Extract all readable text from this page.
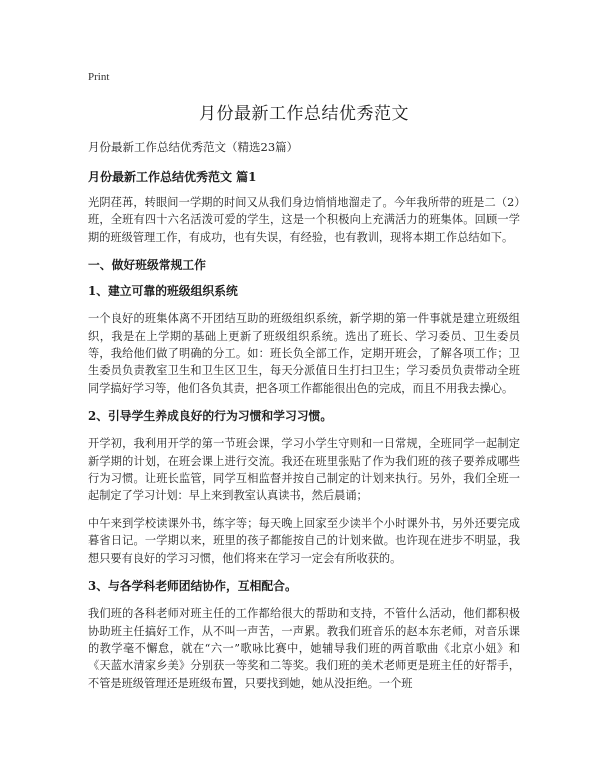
Print
月份最新工作总结优秀范文

月份最新工作总结优秀范文（精选23篇）

月份最新工作总结优秀范文 篇1

光阴荏苒，转眼间一学期的时间又从我们身边悄悄地溜走了。今年我所带的班是二（2）班，全班有四十六名活泼可爱的学生，这是一个积极向上充满活力的班集体。回顾一学期的班级管理工作，有成功，也有失误，有经验，也有教训，现将本期工作总结如下。

一、做好班级常规工作
1、建立可靠的班级组织系统

一个良好的班集体离不开团结互助的班级组织系统，新学期的第一件事就是建立班级组织，我是在上学期的基础上更新了班级组织系统。选出了班长、学习委员、卫生委员等，我给他们做了明确的分工。如：班长负全部工作，定期开班会，了解各项工作；卫生委员负责教室卫生和卫生区卫生，每天分派值日生打扫卫生；学习委员负责带动全班同学搞好学习等，他们各负其责，把各项工作都能很出色的完成，而且不用我去操心。

2、引导学生养成良好的行为习惯和学习习惯。

开学初，我利用开学的第一节班会课，学习小学生守则和一日常规，全班同学一起制定新学期的计划，在班会课上进行交流。我还在班里张贴了作为我们班的孩子要养成哪些行为习惯。让班长监管，同学互相监督并按自己制定的计划来执行。另外，我们全班一起制定了学习计划：早上来到教室认真读书，然后晨诵；

中午来到学校读课外书，练字等；每天晚上回家至少读半个小时课外书，另外还要完成暮省日记。一学期以来，班里的孩子都能按自己的计划来做。也许现在进步不明显，我想只要有良好的学习习惯，他们将来在学习一定会有所收获的。

3、与各学科老师团结协作，互相配合。

我们班的各科老师对班主任的工作都给很大的帮助和支持，不管什么活动，他们都积极协助班主任搞好工作，从不叫一声苦，一声累。教我们班音乐的赵本东老师，对音乐课的教学毫不懈怠，就在“六一”歌咏比赛中，她辅导我们班的两首歌曲《北京小妞》和《天蓝水清家乡美》分别获一等奖和二等奖。我们班的美术老师更是班主任的好帮手，不管是班级管理还是班级布置，只要找到她，她从没拒绝。一个班
